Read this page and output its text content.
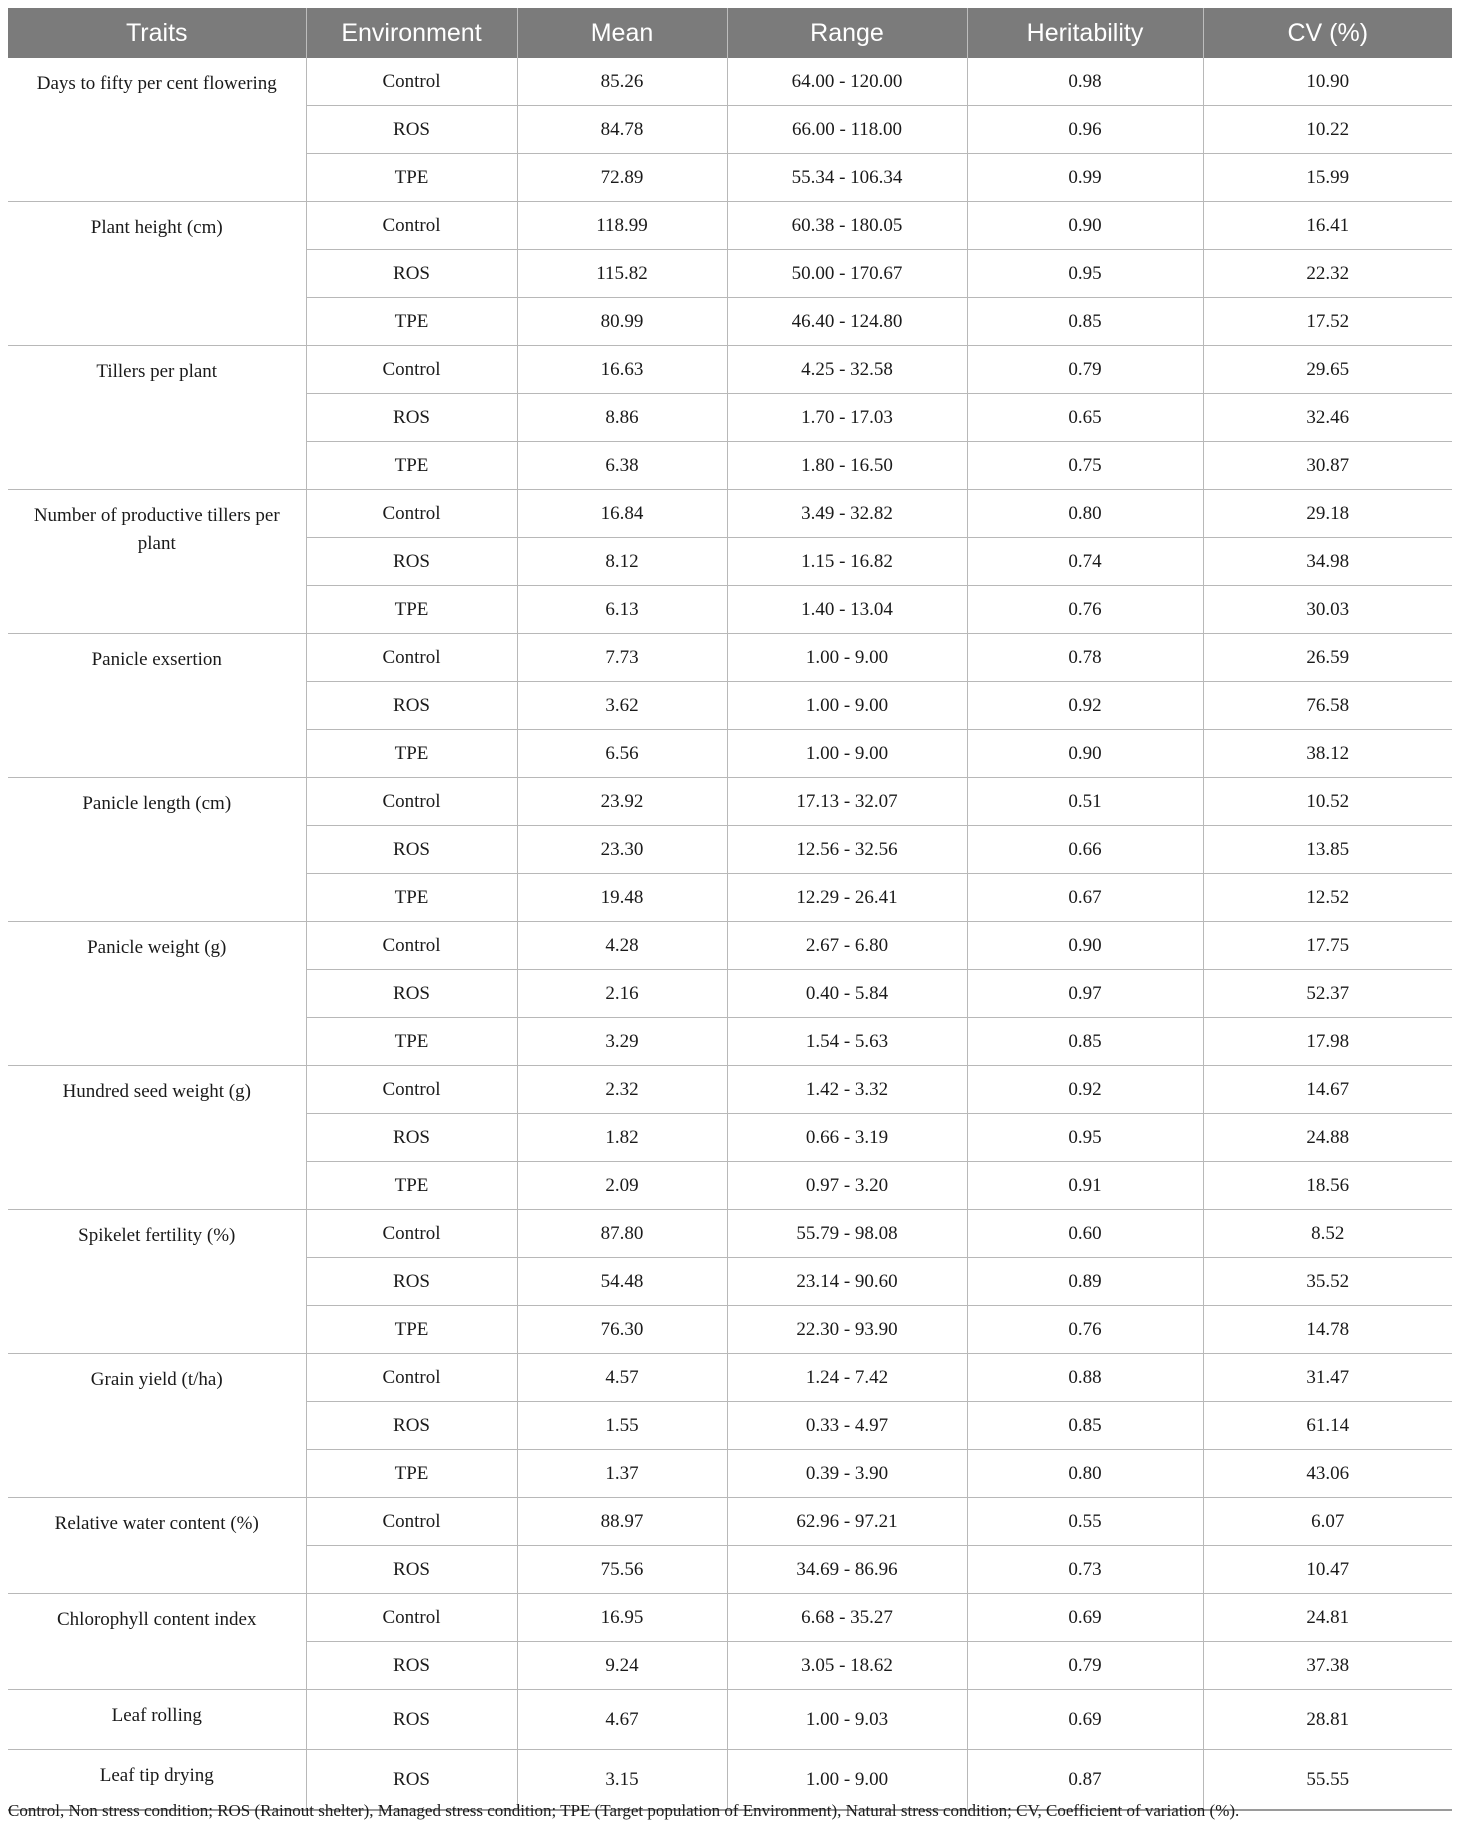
Traits	Environment	Mean	Range	Heritability	CV (%)
Days to fifty per cent flowering	Control	85.26	64.00 - 120.00	0.98	10.90
	ROS	84.78	66.00 - 118.00	0.96	10.22
	TPE	72.89	55.34 - 106.34	0.99	15.99
Plant height (cm)	Control	118.99	60.38 - 180.05	0.90	16.41
	ROS	115.82	50.00 - 170.67	0.95	22.32
	TPE	80.99	46.40 - 124.80	0.85	17.52
Tillers per plant	Control	16.63	4.25 - 32.58	0.79	29.65
	ROS	8.86	1.70 - 17.03	0.65	32.46
	TPE	6.38	1.80 - 16.50	0.75	30.87
Number of productive tillers per plant	Control	16.84	3.49 - 32.82	0.80	29.18
	ROS	8.12	1.15 - 16.82	0.74	34.98
	TPE	6.13	1.40 - 13.04	0.76	30.03
Panicle exsertion	Control	7.73	1.00 - 9.00	0.78	26.59
	ROS	3.62	1.00 - 9.00	0.92	76.58
	TPE	6.56	1.00 - 9.00	0.90	38.12
Panicle length (cm)	Control	23.92	17.13 - 32.07	0.51	10.52
	ROS	23.30	12.56 - 32.56	0.66	13.85
	TPE	19.48	12.29 - 26.41	0.67	12.52
Panicle weight (g)	Control	4.28	2.67 - 6.80	0.90	17.75
	ROS	2.16	0.40 - 5.84	0.97	52.37
	TPE	3.29	1.54 - 5.63	0.85	17.98
Hundred seed weight (g)	Control	2.32	1.42 - 3.32	0.92	14.67
	ROS	1.82	0.66 - 3.19	0.95	24.88
	TPE	2.09	0.97 - 3.20	0.91	18.56
Spikelet fertility (%)	Control	87.80	55.79 - 98.08	0.60	8.52
	ROS	54.48	23.14 - 90.60	0.89	35.52
	TPE	76.30	22.30 - 93.90	0.76	14.78
Grain yield (t/ha)	Control	4.57	1.24 - 7.42	0.88	31.47
	ROS	1.55	0.33 - 4.97	0.85	61.14
	TPE	1.37	0.39 - 3.90	0.80	43.06
Relative water content (%)	Control	88.97	62.96 - 97.21	0.55	6.07
	ROS	75.56	34.69 - 86.96	0.73	10.47
Chlorophyll content index	Control	16.95	6.68 - 35.27	0.69	24.81
	ROS	9.24	3.05 - 18.62	0.79	37.38
Leaf rolling	ROS	4.67	1.00 - 9.03	0.69	28.81
Leaf tip drying	ROS	3.15	1.00 - 9.00	0.87	55.55
Control, Non stress condition; ROS (Rainout shelter), Managed stress condition; TPE (Target population of Environment), Natural stress condition; CV, Coefficient of variation (%).
